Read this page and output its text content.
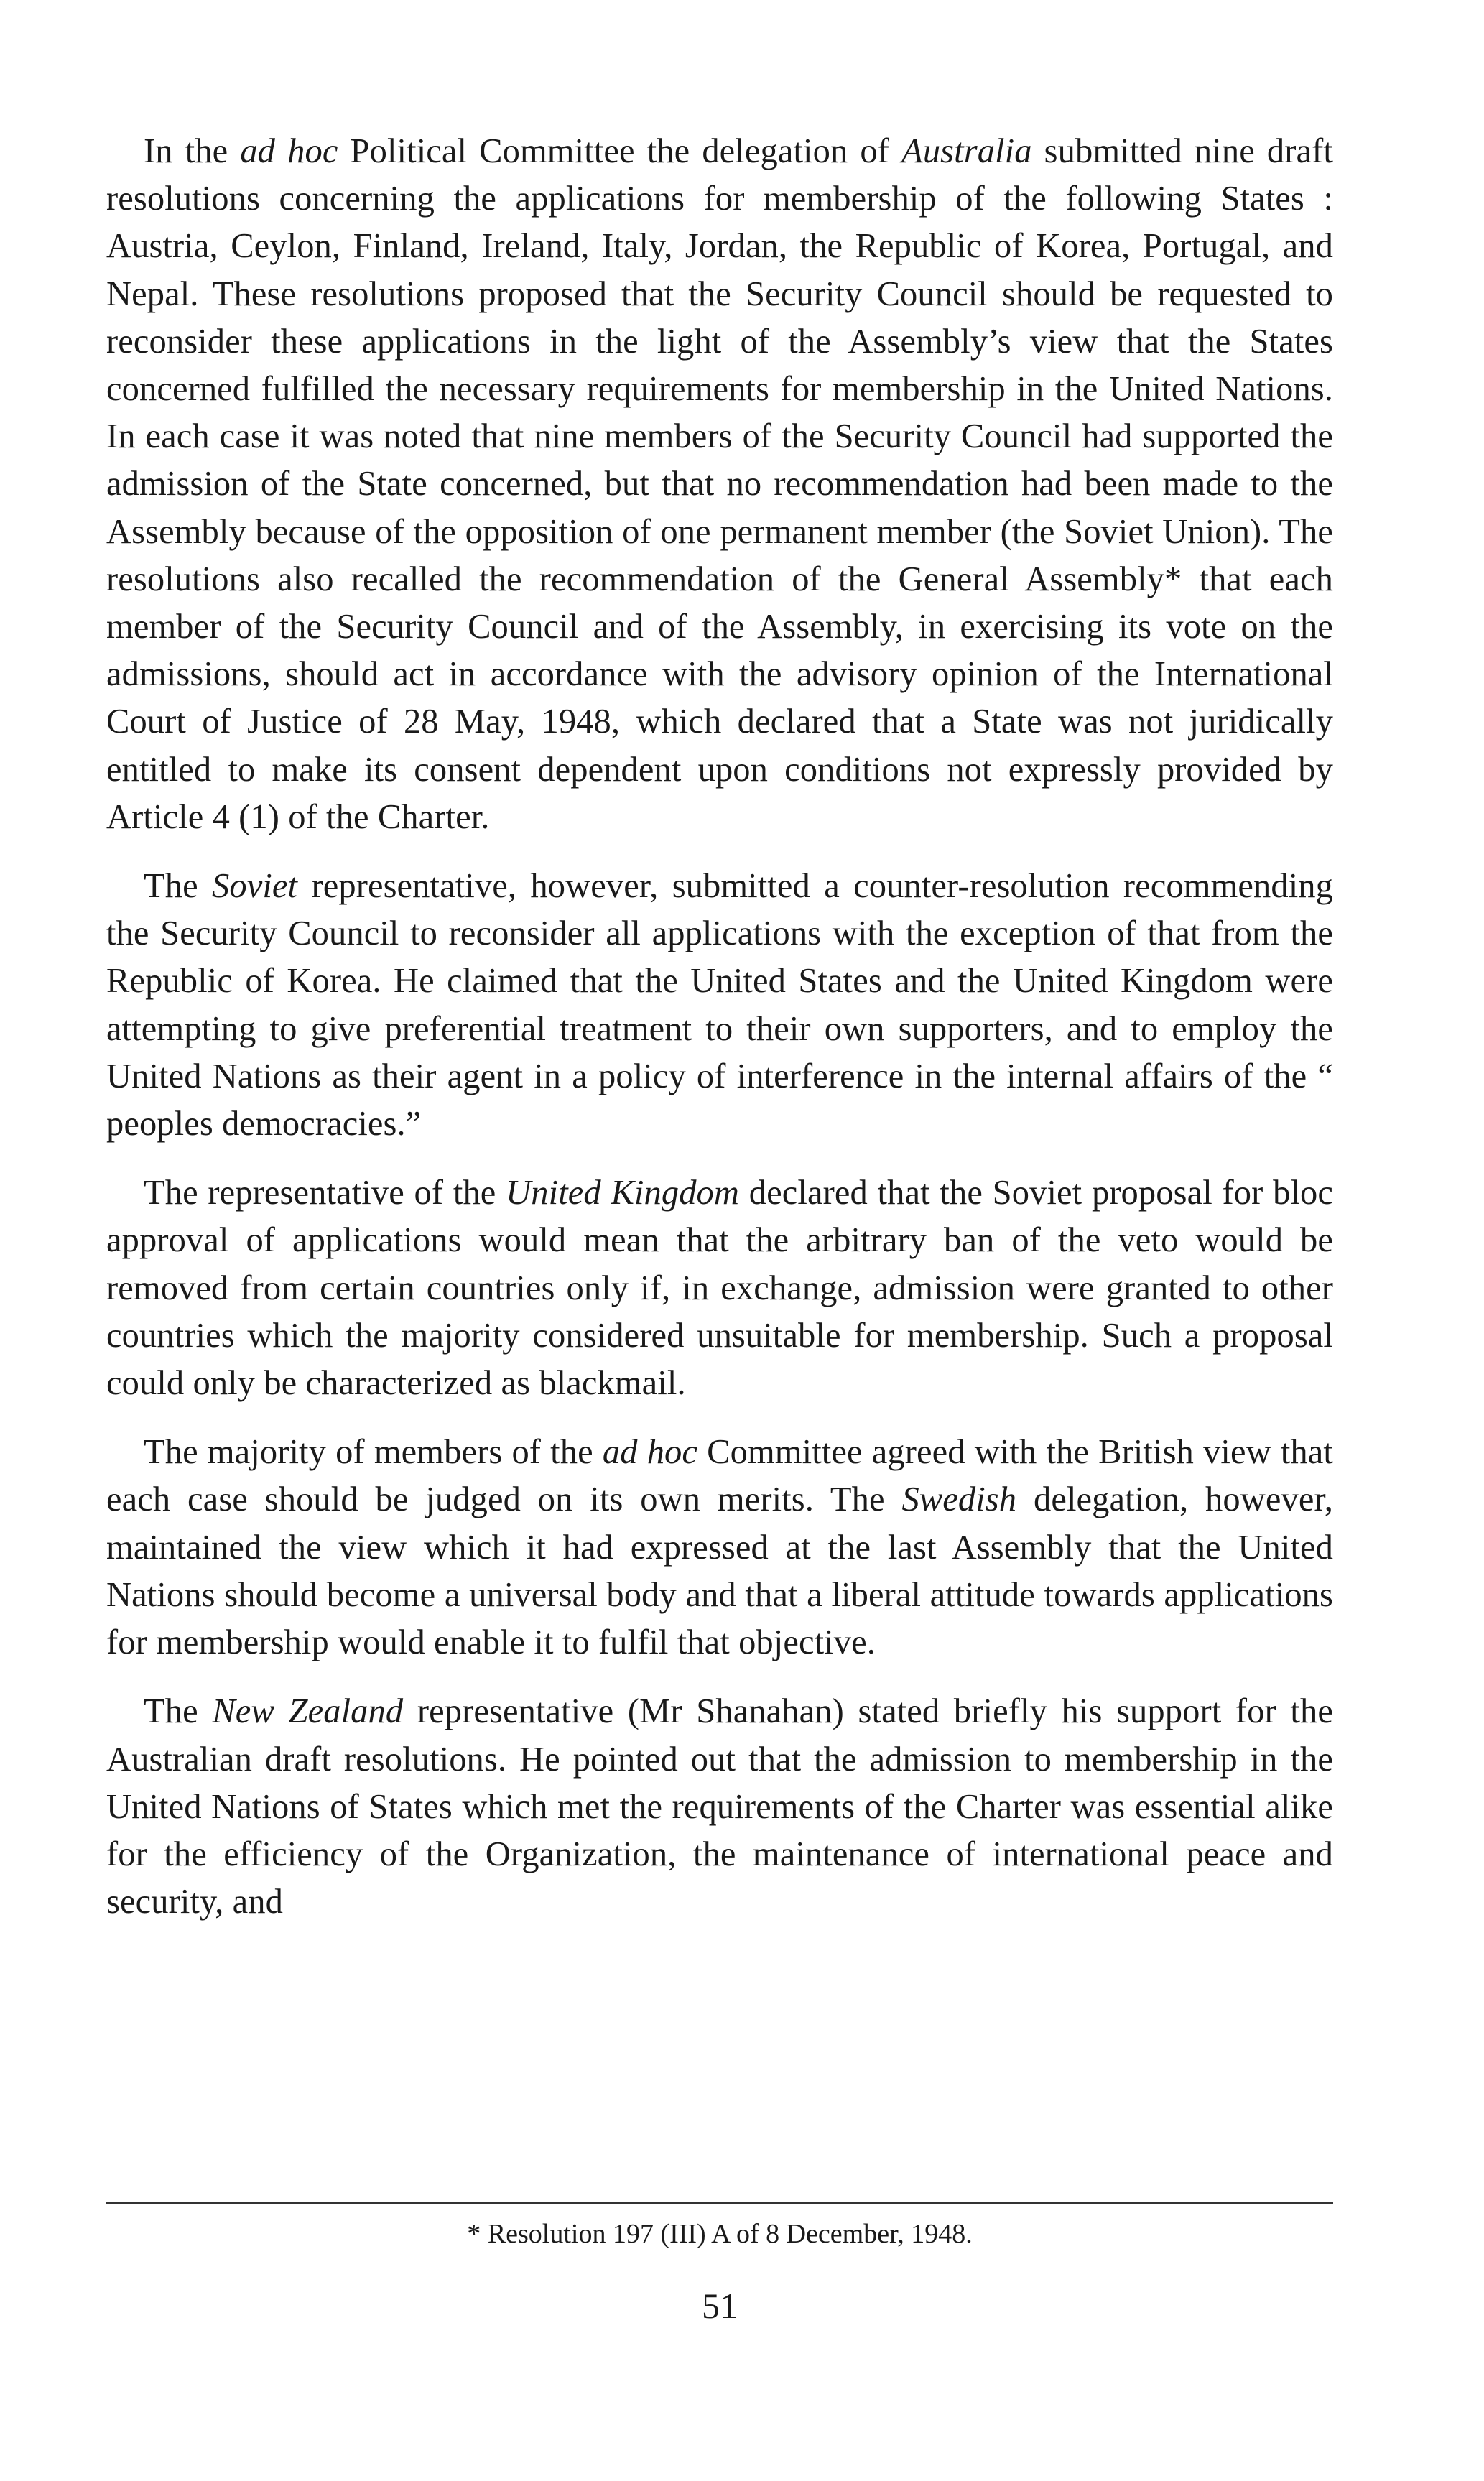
In the ad hoc Political Committee the delegation of Australia submitted nine draft resolutions concerning the applications for membership of the following States : Austria, Ceylon, Finland, Ireland, Italy, Jordan, the Republic of Korea, Portugal, and Nepal. These resolutions proposed that the Security Council should be requested to reconsider these applications in the light of the Assembly’s view that the States concerned fulfilled the necessary requirements for membership in the United Nations. In each case it was noted that nine members of the Security Council had supported the admission of the State concerned, but that no recommendation had been made to the Assembly because of the opposition of one permanent member (the Soviet Union). The resolutions also recalled the recommendation of the General Assembly* that each member of the Security Council and of the Assembly, in exercising its vote on the admissions, should act in accordance with the advisory opinion of the International Court of Justice of 28 May, 1948, which declared that a State was not juridically entitled to make its consent dependent upon conditions not expressly provided by Article 4 (1) of the Charter.

The Soviet representative, however, submitted a counter-resolution recommending the Security Council to reconsider all applications with the exception of that from the Republic of Korea. He claimed that the United States and the United Kingdom were attempting to give preferential treatment to their own supporters, and to employ the United Nations as their agent in a policy of interference in the internal affairs of the “ peoples democracies.”

The representative of the United Kingdom declared that the Soviet proposal for bloc approval of applications would mean that the arbitrary ban of the veto would be removed from certain countries only if, in exchange, admission were granted to other countries which the majority considered unsuitable for membership. Such a proposal could only be characterized as blackmail.

The majority of members of the ad hoc Committee agreed with the British view that each case should be judged on its own merits. The Swedish delegation, however, maintained the view which it had expressed at the last Assembly that the United Nations should become a universal body and that a liberal attitude towards applications for membership would enable it to fulfil that objective.

The New Zealand representative (Mr Shanahan) stated briefly his support for the Australian draft resolutions. He pointed out that the admission to membership in the United Nations of States which met the requirements of the Charter was essential alike for the efficiency of the Organization, the maintenance of international peace and security, and

* Resolution 197 (III) A of 8 December, 1948.
51
